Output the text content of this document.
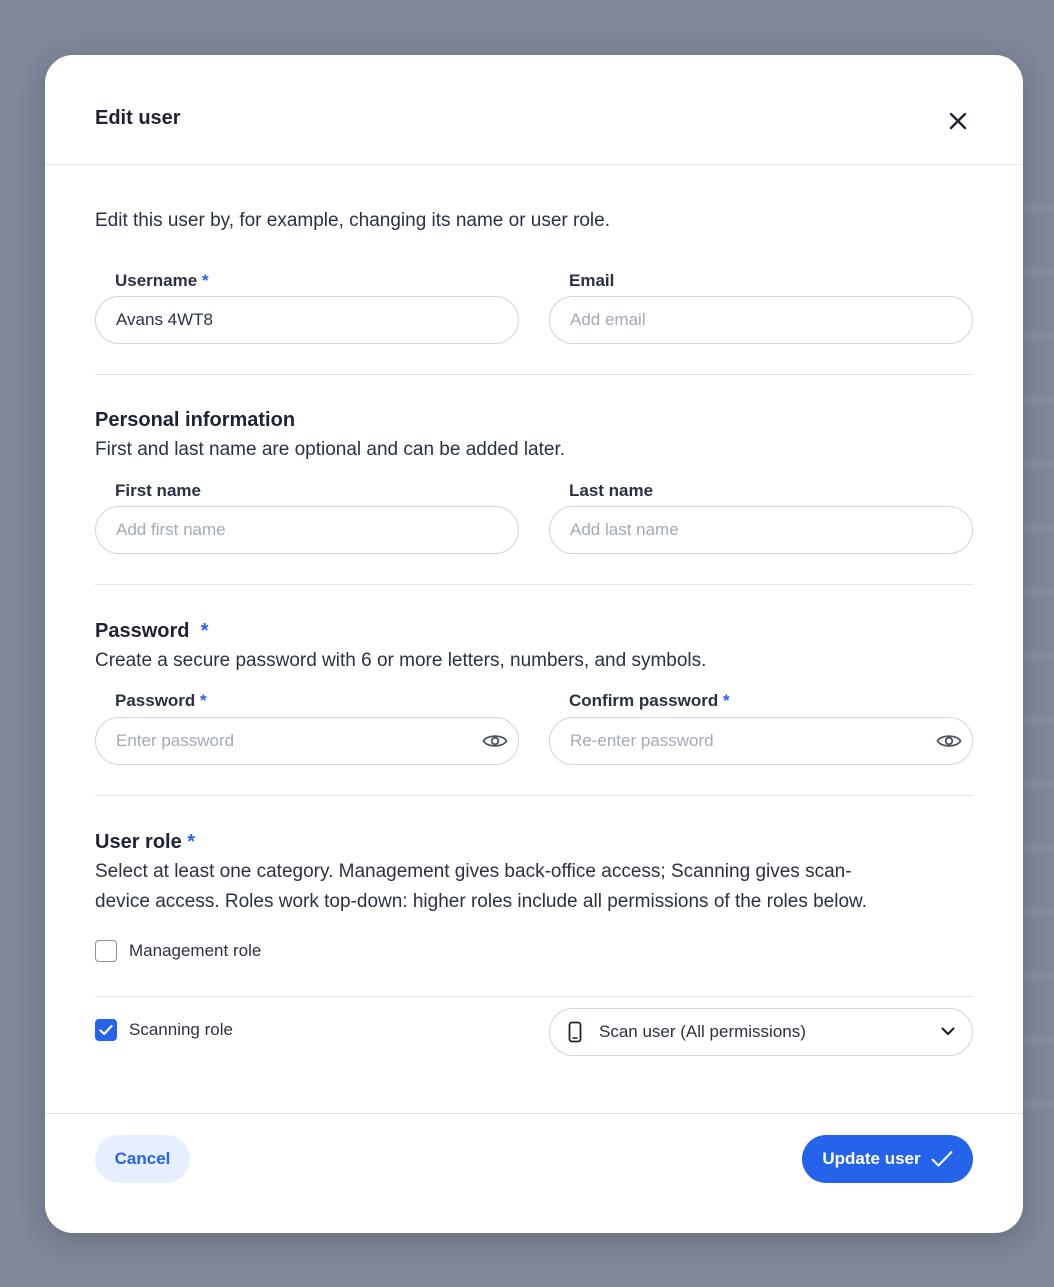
Edit user
Edit this user by, for example, changing its name or user role.
Username *
Avans 4WT8	Email
Add email
Personal information
First and last name are optional and can be added later.
First name
Add first name	Last name
Add last name
Password *
Create a secure password with 6 or more letters, numbers, and symbols.
Password *	Confirm password *
User role *
Select at least one category. Management gives back-office access; Scanning gives scan-
device access. Roles work top-down: higher roles include all permissions of the roles below.
Management role
Scanning role	Scan user (All permissions)
Cancel	Update user
